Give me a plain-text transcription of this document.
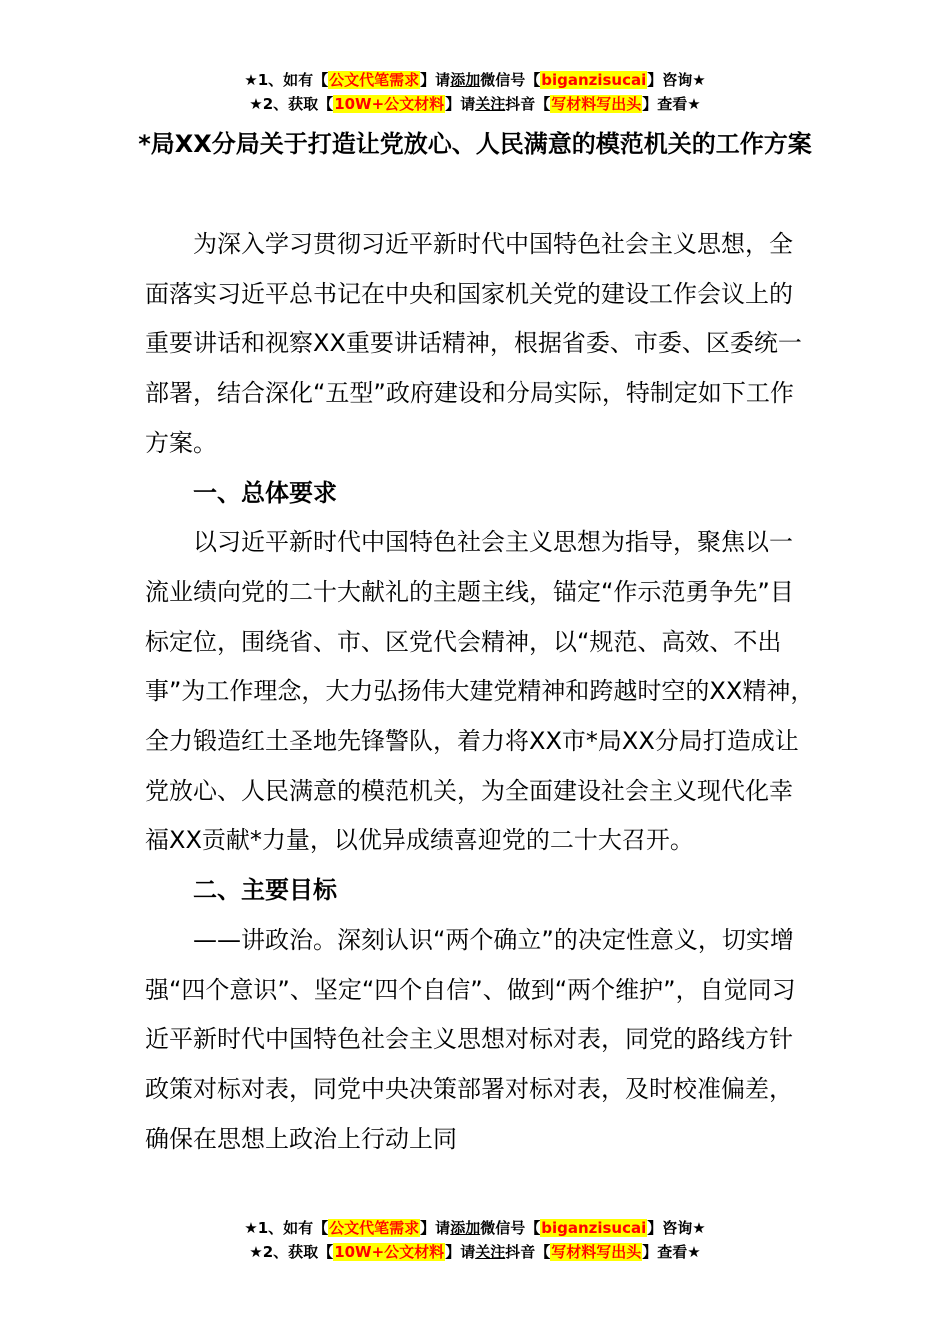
★1、如有【公文代笔需求】请添加微信号【biganzisucai】咨询★
★2、获取【10W+公文材料】请关注抖音【写材料写出头】查看★
*局XX分局关于打造让党放心、人民满意的模范机关的工作方案

为深入学习贯彻习近平新时代中国特色社会主义思想，全面落实习近平总书记在中央和国家机关党的建设工作会议上的重要讲话和视察XX重要讲话精神，根据省委、市委、区委统一部署，结合深化“五型”政府建设和分局实际，特制定如下工作方案。

一、总体要求

以习近平新时代中国特色社会主义思想为指导，聚焦以一流业绩向党的二十大献礼的主题主线，锚定“作示范勇争先”目标定位，围绕省、市、区党代会精神，以“规范、高效、不出事”为工作理念，大力弘扬伟大建党精神和跨越时空的XX精神，全力锻造红土圣地先锋警队，着力将XX市*局XX分局打造成让党放心、人民满意的模范机关，为全面建设社会主义现代化幸福XX贡献*力量，以优异成绩喜迎党的二十大召开。

二、主要目标

——讲政治。深刻认识“两个确立”的决定性意义，切实增强“四个意识”、坚定“四个自信”、做到“两个维护”，自觉同习近平新时代中国特色社会主义思想对标对表，同党的路线方针政策对标对表，同党中央决策部署对标对表，及时校准偏差，确保在思想上政治上行动上同

★1、如有【公文代笔需求】请添加微信号【biganzisucai】咨询★
★2、获取【10W+公文材料】请关注抖音【写材料写出头】查看★
